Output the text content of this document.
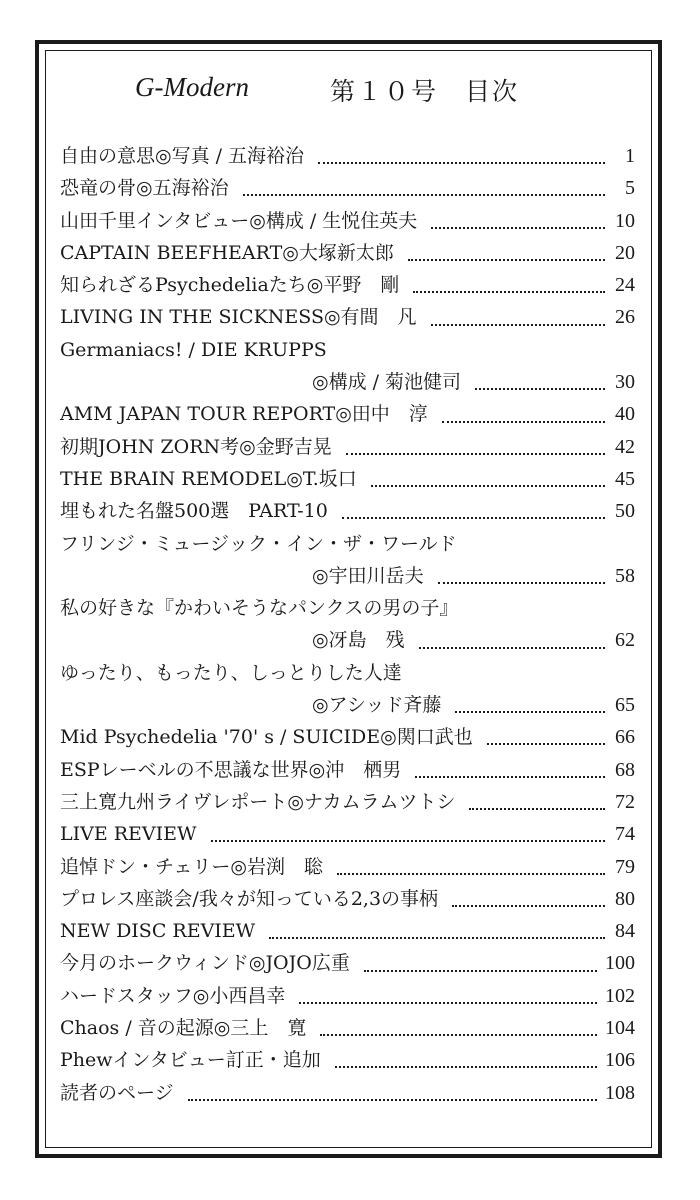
G-Modern	第１０号　目次
自由の意思◎写真 / 五海裕治	1
恐竜の骨◎五海裕治	5
山田千里インタビュー◎構成 / 生悦住英夫	10
CAPTAIN BEEFHEART◎大塚新太郎	20
知られざるPsychedeliaたち◎平野　剛	24
LIVING IN THE SICKNESS◎有間　凡	26
Germaniacs! / DIE KRUPPS
◎構成 / 菊池健司	30
AMM JAPAN TOUR REPORT◎田中　淳	40
初期JOHN ZORN考◎金野吉晃	42
THE BRAIN REMODEL◎T.坂口	45
埋もれた名盤500選　PART-10	50
フリンジ・ミュージック・イン・ザ・ワールド
◎宇田川岳夫	58
私の好きな『かわいそうなパンクスの男の子』
◎冴島　残	62
ゆったり、もったり、しっとりした人達
◎アシッド斉藤	65
Mid Psychedelia '70' s / SUICIDE◎関口武也	66
ESPレーベルの不思議な世界◎沖　栖男	68
三上寛九州ライヴレポート◎ナカムラムツトシ	72
LIVE REVIEW	74
追悼ドン・チェリー◎岩渕　聡	79
プロレス座談会/我々が知っている2,3の事柄	80
NEW DISC REVIEW	84
今月のホークウィンド◎JOJO広重	100
ハードスタッフ◎小西昌幸	102
Chaos / 音の起源◎三上　寛	104
Phewインタビュー訂正・追加	106
読者のページ	108
